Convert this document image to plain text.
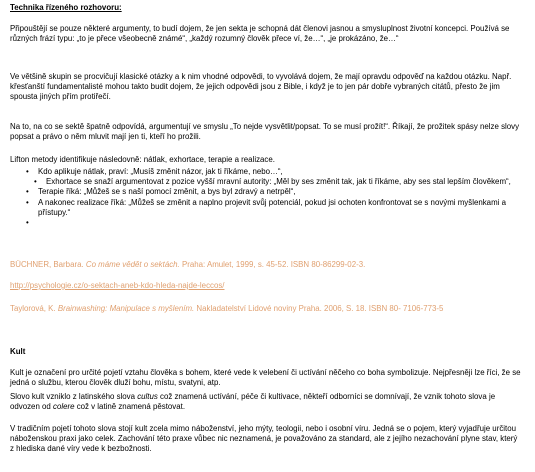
Technika řízeného rozhovoru:
Připouštějí se pouze některé argumenty, to budí dojem, že jen sekta je schopná dát členovi jasnou a smysluplnost životní koncepci. Používá se různých frází typu: „to je přece všeobecně známé“, „každý rozumný člověk přece ví, že…“, „je prokázáno, že…“
Ve většině skupin se procvičují klasické otázky a k nim vhodné odpovědi, to vyvolává dojem, že mají opravdu odpověď na každou otázku. Např. křesťanští fundamentalisté mohou takto budit dojem, že jejich odpovědi jsou z Bible, i když je to jen pár dobře vybraných citátů, přesto že jim spousta jiných přím protiřečí.
Na to, na co se sektě špatně odpovídá, argumentují ve smyslu „To nejde vysvětlit/popsat. To se musí prožít!“. Říkají, že prožitek spásy nelze slovy popsat a právo o něm mluvit mají jen ti, kteří ho prožili.
Lifton metody identifikuje následovně: nátlak, exhortace, terapie a realizace.
• Kdo aplikuje nátlak, praví: „Musíš změnit názor, jak ti říkáme, nebo…“,
• Exhortace se snaží argumentovat z pozice vyšší mravní autority: „Měl by ses změnit tak, jak ti říkáme, aby ses stal lepším člověkem“,
• Terapie říká: „Můžeš se s naší pomocí změnit, a bys byl zdravý a netrpěl“,
• A nakonec realizace říká: „Můžeš se změnit a naplno projevit svůj potenciál, pokud jsi ochoten konfrontovat se s novými myšlenkami a přístupy.“
•
BÜCHNER, Barbara. Co máme vědět o sektách. Praha: Amulet, 1999, s. 45-52. ISBN 80-86299-02-3.
http://psychologie.cz/o-sektach-aneb-kdo-hleda-najde-leccos/
Taylorová, K. Brainwashing: Manipulace s myšlením. Nakladatelství Lidové noviny Praha. 2006, S. 18. ISBN 80- 7106-773-5
Kult
Kult je označení pro určité pojetí vztahu člověka s bohem, které vede k velebení či uctívání něčeho co boha symbolizuje. Nejpřesněji lze říci, že se jedná o službu, kterou člověk dluží bohu, místu, svatyni, atp.
Slovo kult vzniklo z latinského slova cultus což znamená uctívání, péče či kultivace, někteří odborníci se domnívají, že vznik tohoto slova je odvozen od colere což v latině znamená pěstovat.
V tradičním pojetí tohoto slova stojí kult zcela mimo náboženství, jeho mýty, teologii, nebo i osobní víru. Jedná se o pojem, který vyjadřuje určitou náboženskou praxi jako celek. Zachování této praxe vůbec nic neznamená, je považováno za standard, ale z jejího nezachování plyne stav, který z hlediska dané víry vede k bezbožnosti.
